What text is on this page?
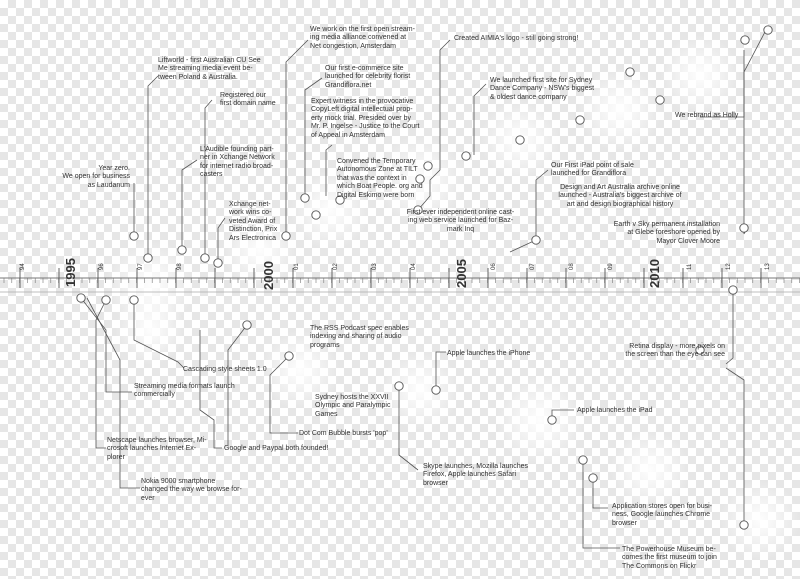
1995	2000	2005	2010
94	96	97	98	01	02	03	04	06	07	08	09	11	12	13
Year zero.
We open for business
as Laudanum
Liftworld - first Australian CU See
Me streaming media event be-
tween Poland & Australia.
Registered our
first domain name
L'Audible founding part-
ner in Xchange Network
for internet radio broad-
casters
Xchange net-
work wins co-
veted Award of
Distinction, Prix
Ars Electronica
We work on the first open stream-
ing media alliance convened at
Net congestion, Amsterdam
Our first e-commerce site
launched for celebrity florist
Grandiflora.net
Expert witness in the provocative
CopyLeft digital intellectual prop-
erty mock trial. Presided over by
Mr. P. Ingelse - Justice to the Court
of Appeal in Amsterdam
Convened the Temporary
Autonomous Zone at TILT
that was the context in
which Boat People. org and
Digital Eskimo were born
Created AIMIA's logo - still going strong!
We launched first site for Sydney
Dance Company - NSW's biggest
& oldest dance company
First ever independent online cast-
ing web service launched for Baz-
mark Inq
Our First iPad point of sale
launched for Grandiflora
Design and Art Australia archive online
launched - Australia's biggest archive of
art and design biographical history
We rebrand as Holly
Earth v Sky permanent installation
at Glebe foreshore opened by
Mayor Clover Moore
Cascading style sheets 1.0
Streaming media formats launch
commercially
Netscape launches browser, Mi-
crosoft launches Internet Ex-
plorer
Nokia 9000 smartphone
changed the way we browse for-
ever
The RSS Podcast spec enables
indexing and sharing of audio
programs
Sydney hosts the XXVII
Olympic and Paralympic
Games
Dot Com Bubble bursts 'pop'
Google and Paypal both founded!
Skype launches, Mozilla launches
Firefox, Apple launches Safari
browser
Apple launches the iPhone
Retina display - more pixels on
the screen than the eye can see
Apple launches the iPad
Application stores open for busi-
ness, Google launches Chrome
browser
The Powerhouse Museum be-
comes the first museum to join
The Commons on Flickr
